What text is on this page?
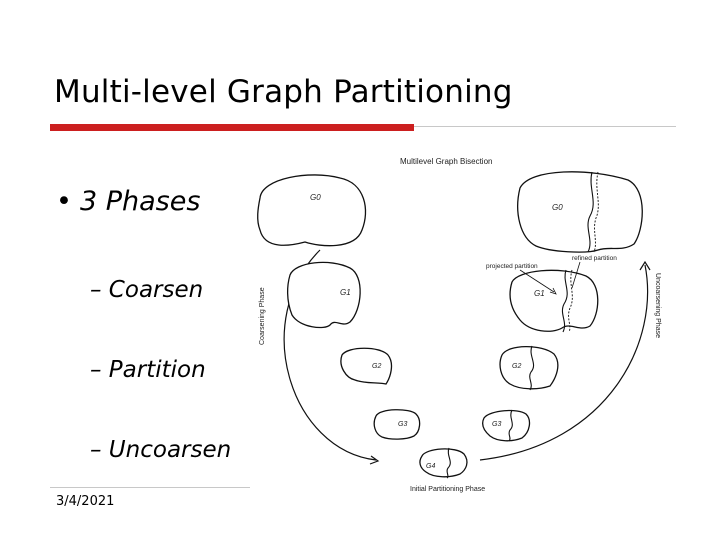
Multi-level Graph Partitioning
• 3 Phases
– Coarsen
– Partition
– Uncoarsen
3/4/2021
Multilevel Graph Bisection
Coarsening Phase	Uncoarsening Phase
Initial Partitioning Phase
G0
G1
G2
G3
G4
G3
G2
G1
G0
projected partition
refined partition
